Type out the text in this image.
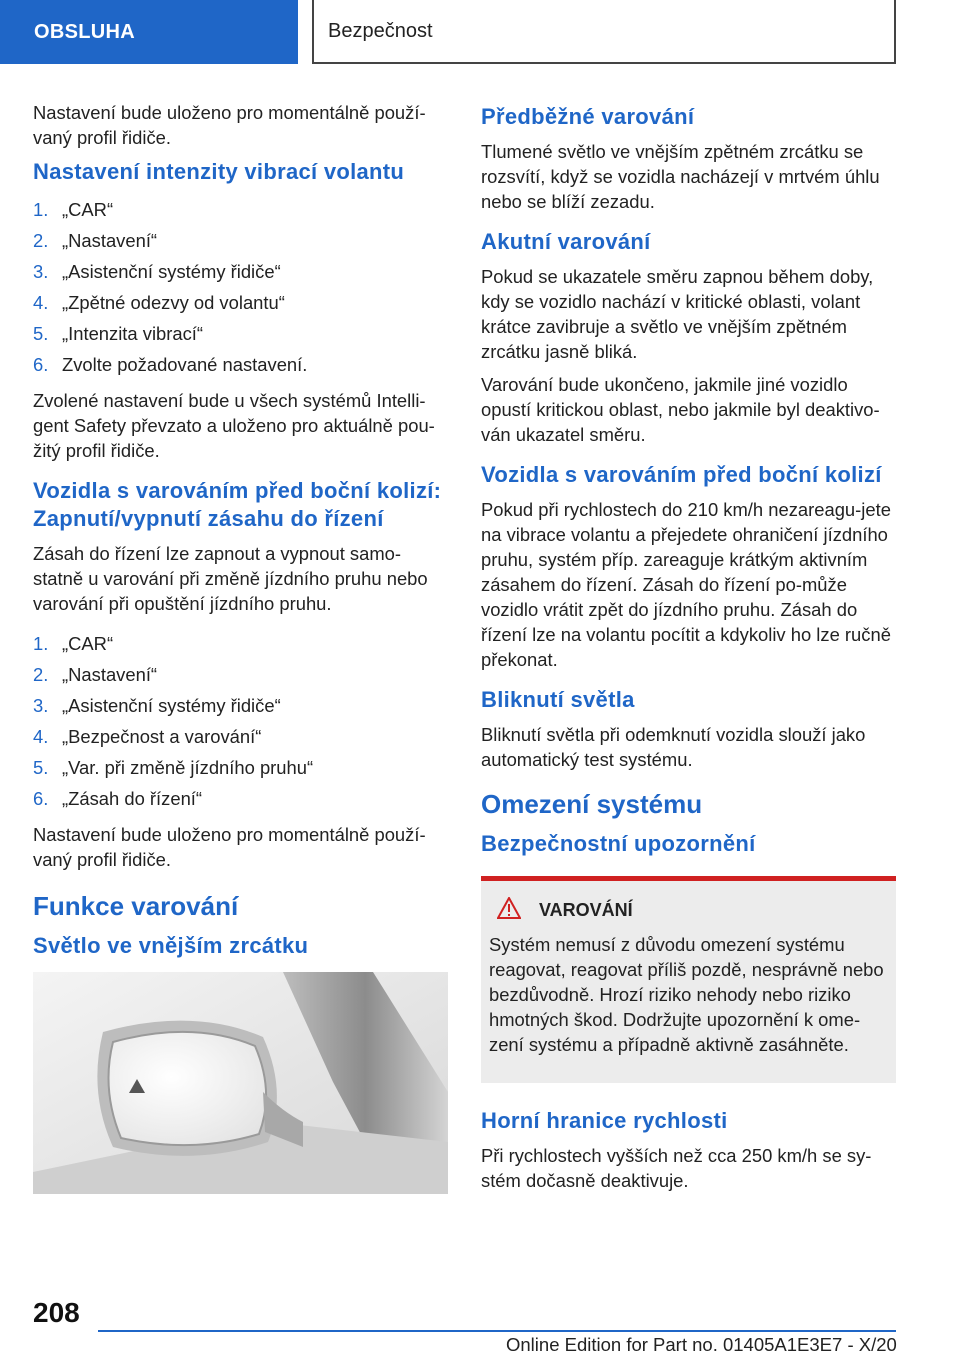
OBSLUHA	Bezpečnost

Nastavení bude uloženo pro momentálně použí-vaný profil řidiče.

Nastavení intenzity vibrací volantu
1. „CAR“
2. „Nastavení“
3. „Asistenční systémy řidiče“
4. „Zpětné odezvy od volantu“
5. „Intenzita vibrací“
6. Zvolte požadované nastavení.

Zvolené nastavení bude u všech systémů Intelli-gent Safety převzato a uloženo pro aktuálně pou-žitý profil řidiče.

Vozidla s varováním před boční kolizí: Zapnutí/vypnutí zásahu do řízení

Zásah do řízení lze zapnout a vypnout samo-statně u varování při změně jízdního pruhu nebo varování při opuštění jízdního pruhu.

1. „CAR“
2. „Nastavení“
3. „Asistenční systémy řidiče“
4. „Bezpečnost a varování“
5. „Var. při změně jízdního pruhu“
6. „Zásah do řízení“

Nastavení bude uloženo pro momentálně použí-vaný profil řidiče.

Funkce varování
Světlo ve vnějším zrcátku
Předběžné varování

Tlumené světlo ve vnějším zpětném zrcátku se rozsvítí, když se vozidla nacházejí v mrtvém úhlu nebo se blíží zezadu.

Akutní varování

Pokud se ukazatele směru zapnou během doby, kdy se vozidlo nachází v kritické oblasti, volant krátce zavibruje a světlo ve vnějším zpětném zrcátku jasně bliká.

Varování bude ukončeno, jakmile jiné vozidlo opustí kritickou oblast, nebo jakmile byl deaktivo-ván ukazatel směru.

Vozidla s varováním před boční kolizí

Pokud při rychlostech do 210 km/h nezareagu-jete na vibrace volantu a přejedete ohraničení jízdního pruhu, systém příp. zareaguje krátkým aktivním zásahem do řízení. Zásah do řízení po-může vozidlo vrátit zpět do jízdního pruhu. Zásah do řízení lze na volantu pocítit a kdykoliv ho lze ručně překonat.

Bliknutí světla

Bliknutí světla při odemknutí vozidla slouží jako automatický test systému.

Omezení systému
Bezpečnostní upozornění
VAROVÁNÍ

Systém nemusí z důvodu omezení systému reagovat, reagovat příliš pozdě, nesprávně nebo bezdůvodně. Hrozí riziko nehody nebo riziko hmotných škod. Dodržujte upozornění k ome-zení systému a případně aktivně zasáhněte.

Horní hranice rychlosti

Při rychlostech vyšších než cca 250 km/h se sy-stém dočasně deaktivuje.

208
Online Edition for Part no. 01405A1E3E7 - X/20
